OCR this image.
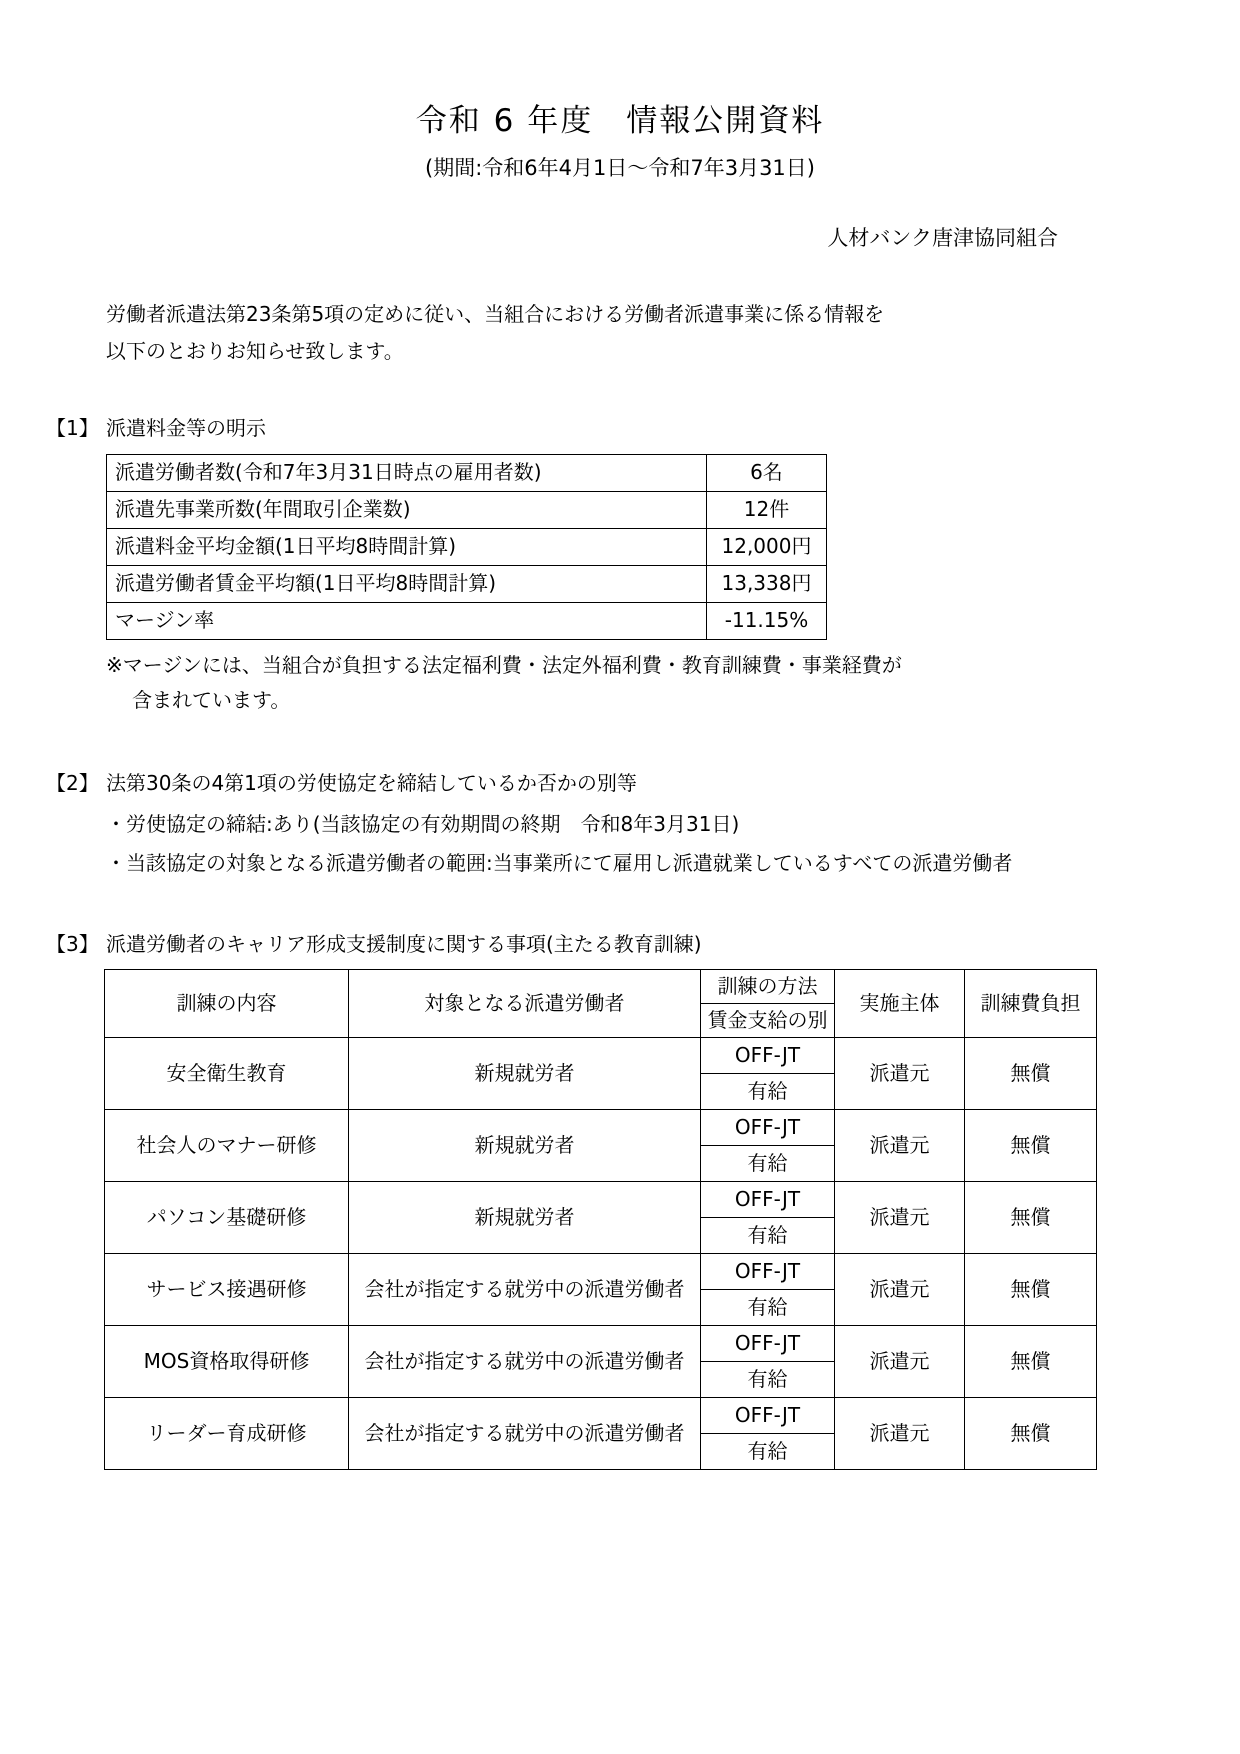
令和 6 年度　情報公開資料

(期間:令和6年4月1日〜令和7年3月31日)

人材バンク唐津協同組合

労働者派遣法第23条第5項の定めに従い、当組合における労働者派遣事業に係る情報を
以下のとおりお知らせ致します。
【1】 派遣料金等の明示
派遣労働者数(令和7年3月31日時点の雇用者数)	6名
派遣先事業所数(年間取引企業数)	12件
派遣料金平均金額(1日平均8時間計算)	12,000円
派遣労働者賃金平均額(1日平均8時間計算)	13,338円
マージン率	-11.15%
※マージンには、当組合が負担する法定福利費・法定外福利費・教育訓練費・事業経費が
含まれています。
【2】 法第30条の4第1項の労使協定を締結しているか否かの別等
・労使協定の締結:あり(当該協定の有効期間の終期　令和8年3月31日)
・当該協定の対象となる派遣労働者の範囲:当事業所にて雇用し派遣就業しているすべての派遣労働者
【3】 派遣労働者のキャリア形成支援制度に関する事項(主たる教育訓練)
訓練の内容	対象となる派遣労働者	訓練の方法	実施主体	訓練費負担
		賃金支給の別		
安全衛生教育	新規就労者	OFF-JT	派遣元	無償
		有給		
社会人のマナー研修	新規就労者	OFF-JT	派遣元	無償
		有給		
パソコン基礎研修	新規就労者	OFF-JT	派遣元	無償
		有給		
サービス接遇研修	会社が指定する就労中の派遣労働者	OFF-JT	派遣元	無償
		有給		
MOS資格取得研修	会社が指定する就労中の派遣労働者	OFF-JT	派遣元	無償
		有給		
リーダー育成研修	会社が指定する就労中の派遣労働者	OFF-JT	派遣元	無償
		有給		
